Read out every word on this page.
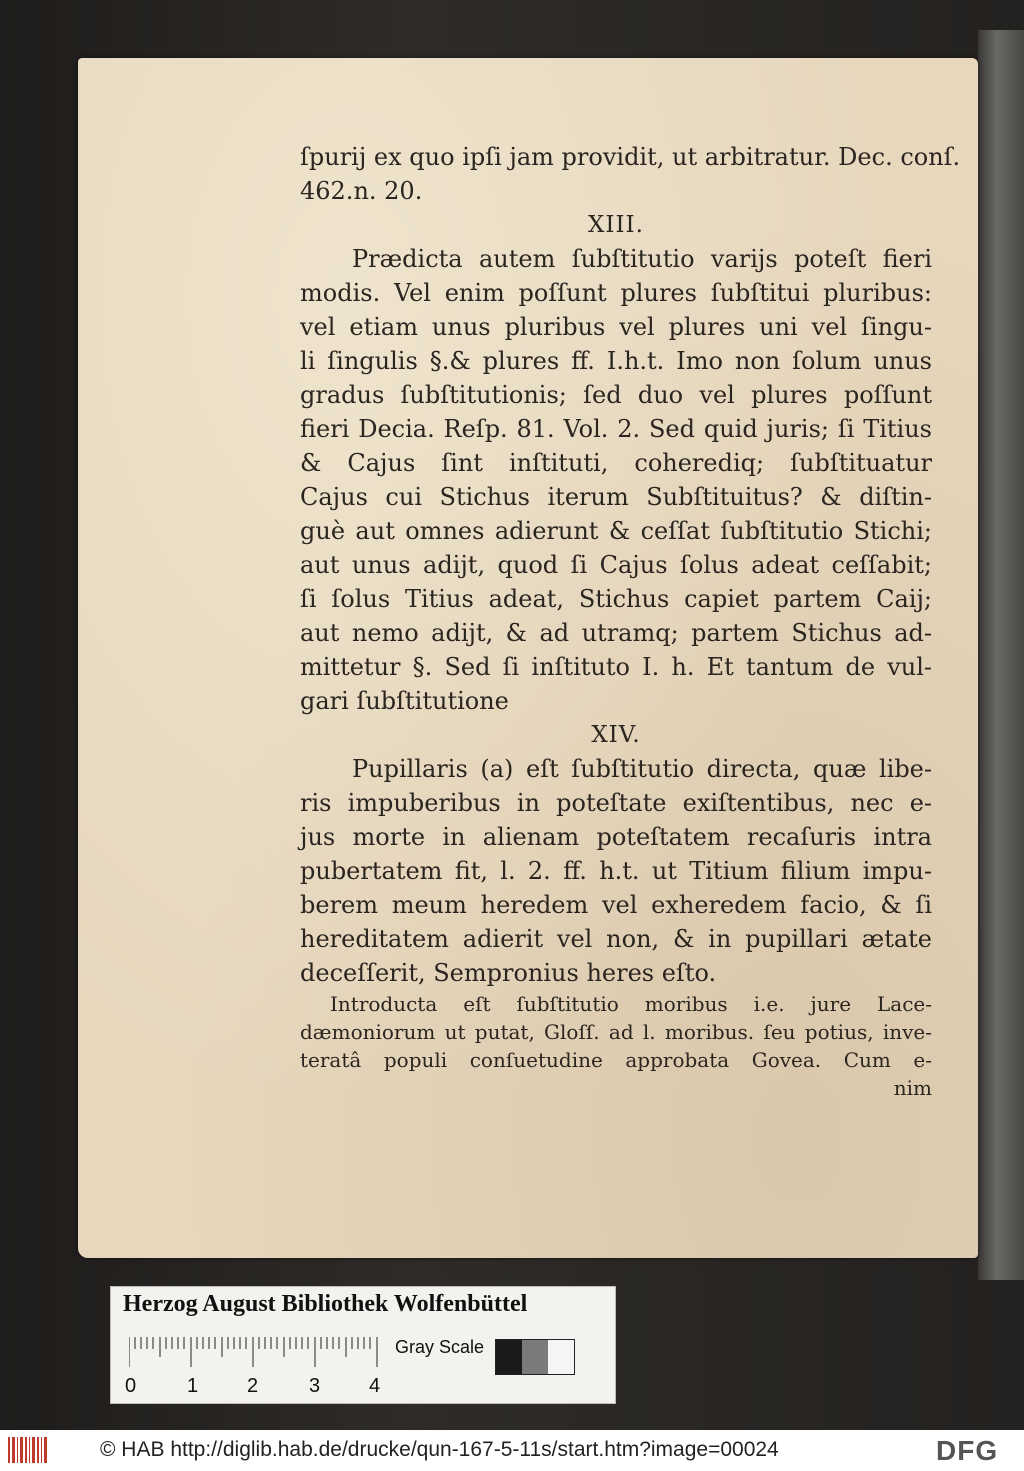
ſpurij ex quo ipſi jam providit, ut arbitratur. Dec. conſ.
462.n. 20.
XIII.
Prædicta autem ſubſtitutio varijs poteſt fieri
modis. Vel enim poſſunt plures ſubſtitui pluribus:
vel etiam unus pluribus vel plures uni vel ſingu-
li ſingulis §.& plures ff. I.h.t. Imo non ſolum unus
gradus ſubſtitutionis; ſed duo vel plures poſſunt
fieri Decia. Reſp. 81. Vol. 2. Sed quid juris; ſi Titius
& Cajus ſint inſtituti, coherediq; ſubſtituatur
Cajus cui Stichus iterum Subſtituitus? & diſtin-
guè aut omnes adierunt & ceſſat ſubſtitutio Stichi;
aut unus adijt, quod ſi Cajus ſolus adeat ceſſabit;
ſi ſolus Titius adeat, Stichus capiet partem Caij;
aut nemo adijt, & ad utramq; partem Stichus ad-
mittetur §. Sed ſi inſtituto I. h. Et tantum de vul-
gari ſubſtitutione
XIV.
Pupillaris (a) eſt ſubſtitutio directa, quæ libe-
ris impuberibus in poteſtate exiſtentibus, nec e-
jus morte in alienam poteſtatem recaſuris intra
pubertatem fit, l. 2. ff. h.t. ut Titium filium impu-
berem meum heredem vel exheredem facio, & ſi
hereditatem adierit vel non, & in pupillari ætate
deceſſerit, Sempronius heres eſto.
Introducta eſt ſubſtitutio moribus i.e. jure Lace-
dæmoniorum ut putat, Gloſſ. ad l. moribus. ſeu potius, inve-
teratâ populi conſuetudine approbata Govea. Cum e-
nim
Herzog August Bibliothek Wolfenbüttel
0	1 2	3 4
Gray Scale
© HAB http://diglib.hab.de/drucke/qun-167-5-11s/start.htm?image=00024	DFG
